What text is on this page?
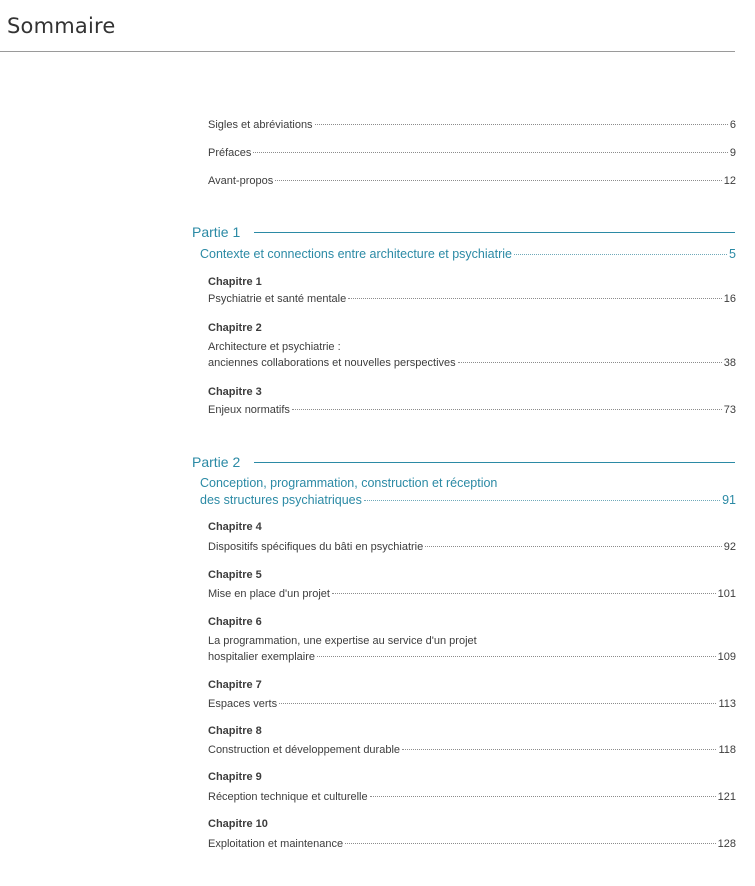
Sommaire
Sigles et abréviations	6
Préfaces	9
Avant-propos	12
Partie 1
Contexte et connections entre architecture et psychiatrie	5
Chapitre 1
Psychiatrie et santé mentale	16
Chapitre 2
Architecture et psychiatrie :
anciennes collaborations et nouvelles perspectives	38
Chapitre 3
Enjeux normatifs	73
Partie 2
Conception, programmation, construction et réception
des structures psychiatriques	91
Chapitre 4
Dispositifs spécifiques du bâti en psychiatrie	92
Chapitre 5
Mise en place d'un projet	101
Chapitre 6
La programmation, une expertise au service d'un projet
hospitalier exemplaire	109
Chapitre 7
Espaces verts	113
Chapitre 8
Construction et développement durable	118
Chapitre 9
Réception technique et culturelle	121
Chapitre 10
Exploitation et maintenance	128
